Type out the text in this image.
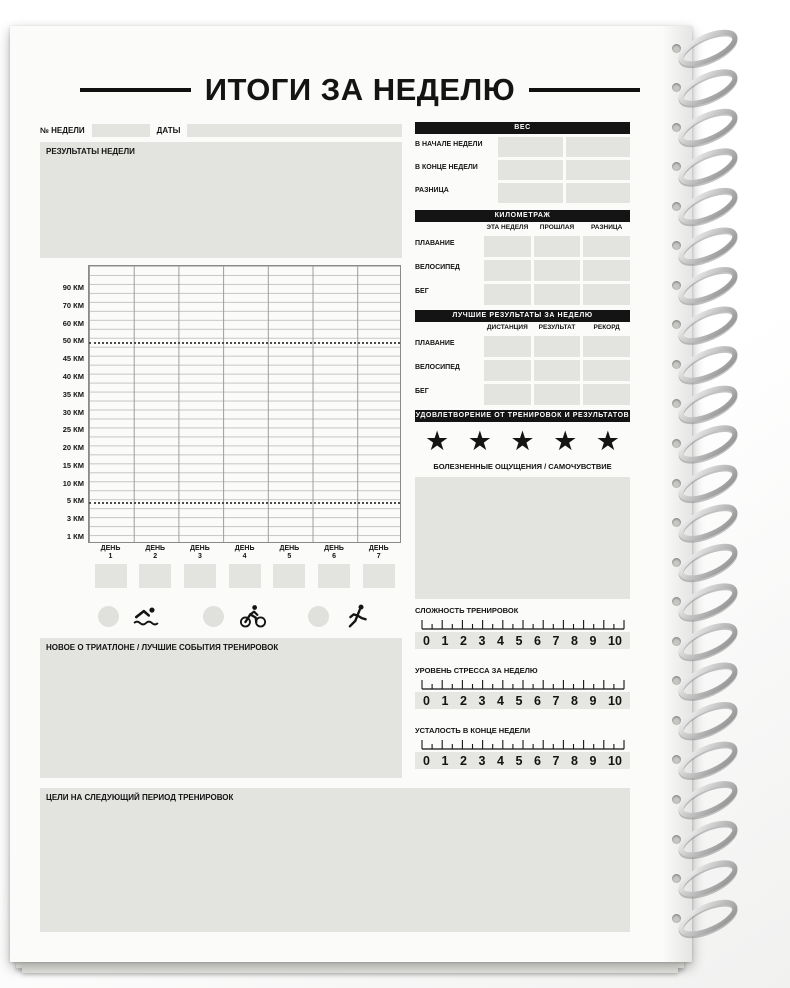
ИТОГИ ЗА НЕДЕЛЮ
№ НЕДЕЛИ	ДАТЫ
РЕЗУЛЬТАТЫ НЕДЕЛИ
90 КМ
70 КМ
60 КМ
50 КМ
45 КМ
40 КМ
35 КМ
30 КМ
25 КМ
20 КМ
15 КМ
10 КМ
5 КМ
3 КМ
1 КМ
ДЕНЬ
1
ДЕНЬ
2
ДЕНЬ
3
ДЕНЬ
4
ДЕНЬ
5
ДЕНЬ
6
ДЕНЬ
7
НОВОЕ О ТРИАТЛОНЕ / ЛУЧШИЕ СОБЫТИЯ ТРЕНИРОВОК
ЦЕЛИ НА СЛЕДУЮЩИЙ ПЕРИОД ТРЕНИРОВОК
ВЕС
В НАЧАЛЕ НЕДЕЛИ
В КОНЦЕ НЕДЕЛИ
РАЗНИЦА
КИЛОМЕТРАЖ
ЭТА НЕДЕЛЯ	ПРОШЛАЯ	РАЗНИЦА
ПЛАВАНИЕ
ВЕЛОСИПЕД
БЕГ
ЛУЧШИЕ РЕЗУЛЬТАТЫ ЗА НЕДЕЛЮ
ДИСТАНЦИЯ	РЕЗУЛЬТАТ	РЕКОРД
ПЛАВАНИЕ
ВЕЛОСИПЕД
БЕГ
УДОВЛЕТВОРЕНИЕ ОТ ТРЕНИРОВОК И РЕЗУЛЬТАТОВ
★ ★ ★ ★ ★
БОЛЕЗНЕННЫЕ ОЩУЩЕНИЯ / САМОЧУВСТВИЕ
СЛОЖНОСТЬ ТРЕНИРОВОК
0 1 2 3 4 5 6 7 8 9 10
УРОВЕНЬ СТРЕССА ЗА НЕДЕЛЮ
0 1 2 3 4 5 6 7 8 9 10
УСТАЛОСТЬ В КОНЦЕ НЕДЕЛИ
0 1 2 3 4 5 6 7 8 9 10
